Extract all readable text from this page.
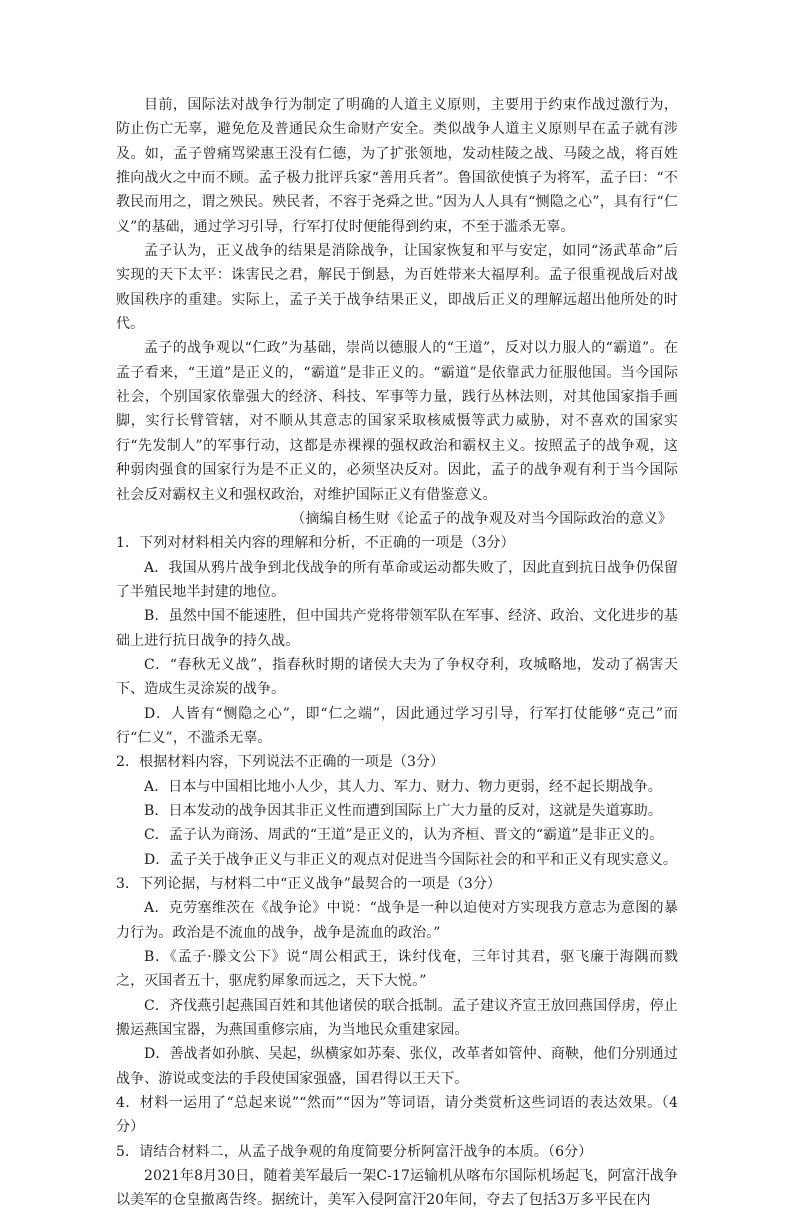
目前，国际法对战争行为制定了明确的人道主义原则，主要用于约束作战过激行为，防止伤亡无辜，避免危及普通民众生命财产安全。类似战争人道主义原则早在孟子就有涉及。如，孟子曾痛骂梁惠王没有仁德，为了扩张领地，发动桂陵之战、马陵之战，将百姓推向战火之中而不顾。孟子极力批评兵家“善用兵者”。鲁国欲使慎子为将军，孟子曰：“不教民而用之，谓之殃民。殃民者，不容于尧舜之世。”因为人人具有“恻隐之心”，具有行“仁义”的基础，通过学习引导，行军打仗时便能得到约束，不至于滥杀无辜。

孟子认为，正义战争的结果是消除战争，让国家恢复和平与安定，如同“汤武革命”后实现的天下太平：诛害民之君，解民于倒悬，为百姓带来大福厚利。孟子很重视战后对战败国秩序的重建。实际上，孟子关于战争结果正义，即战后正义的理解远超出他所处的时代。

孟子的战争观以“仁政”为基础，崇尚以德服人的“王道”，反对以力服人的“霸道”。在孟子看来，“王道”是正义的，“霸道”是非正义的。“霸道”是依靠武力征服他国。当今国际社会，个别国家依靠强大的经济、科技、军事等力量，践行丛林法则，对其他国家指手画脚，实行长臂管辖，对不顺从其意志的国家采取核威慑等武力威胁，对不喜欢的国家实行“先发制人”的军事行动，这都是赤裸裸的强权政治和霸权主义。按照孟子的战争观，这种弱肉强食的国家行为是不正义的，必须坚决反对。因此，孟子的战争观有利于当今国际社会反对霸权主义和强权政治，对维护国际正义有借鉴意义。

（摘编自杨生财《论孟子的战争观及对当今国际政治的意义》

1．下列对材料相关内容的理解和分析，不正确的一项是（3分）

A．我国从鸦片战争到北伐战争的所有革命或运动都失败了，因此直到抗日战争仍保留了半殖民地半封建的地位。

B．虽然中国不能速胜，但中国共产党将带领军队在军事、经济、政治、文化进步的基础上进行抗日战争的持久战。

C．“春秋无义战”，指春秋时期的诸侯大夫为了争权夺利，攻城略地，发动了祸害天下、造成生灵涂炭的战争。

D．人皆有“恻隐之心”，即“仁之端”，因此通过学习引导，行军打仗能够“克己”而行“仁义”，不滥杀无辜。

2．根据材料内容，下列说法不正确的一项是（3分）

A．日本与中国相比地小人少，其人力、军力、财力、物力更弱，经不起长期战争。

B．日本发动的战争因其非正义性而遭到国际上广大力量的反对，这就是失道寡助。

C．孟子认为商汤、周武的“王道”是正义的，认为齐桓、晋文的“霸道”是非正义的。

D．孟子关于战争正义与非正义的观点对促进当今国际社会的和平和正义有现实意义。

3．下列论据，与材料二中“正义战争”最契合的一项是（3分）

A．克劳塞维茨在《战争论》中说：“战争是一种以迫使对方实现我方意志为意图的暴力行为。政治是不流血的战争，战争是流血的政治。”

B．《孟子·滕文公下》说“周公相武王，诛纣伐奄，三年讨其君，驱飞廉于海隅而戮之，灭国者五十，驱虎豹犀象而远之，天下大悦。”

C．齐伐燕引起燕国百姓和其他诸侯的联合抵制。孟子建议齐宣王放回燕国俘虏，停止搬运燕国宝器，为燕国重修宗庙，为当地民众重建家园。

D．善战者如孙膑、吴起，纵横家如苏秦、张仪，改革者如管仲、商鞅，他们分别通过战争、游说或变法的手段使国家强盛，国君得以王天下。

4．材料一运用了“总起来说”“然而”“因为”等词语，请分类赏析这些词语的表达效果。（4分）

5．请结合材料二，从孟子战争观的角度简要分析阿富汗战争的本质。（6分）

2021年8月30日，随着美军最后一架C-17运输机从喀布尔国际机场起飞，阿富汗战争以美军的仓皇撤离告终。据统计，美军入侵阿富汗20年间，夺去了包括3万多平民在内
